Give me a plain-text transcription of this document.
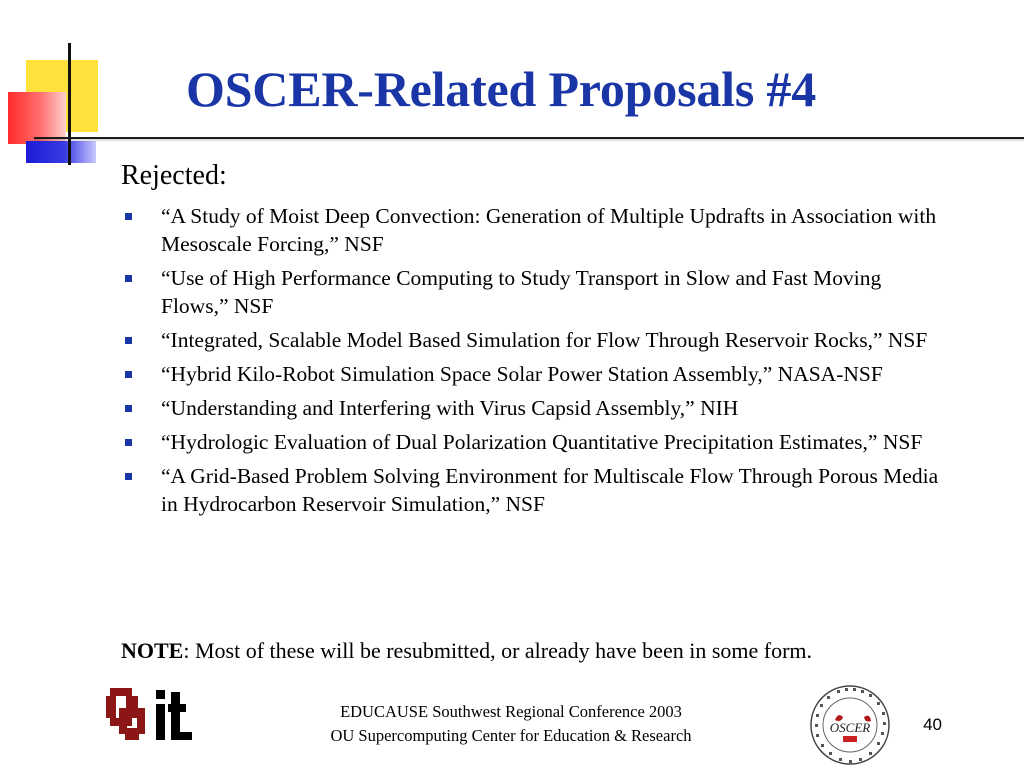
OSCER-Related Proposals #4
Rejected:
“A Study of Moist Deep Convection: Generation of Multiple Updrafts in Association with Mesoscale Forcing,” NSF
“Use of High Performance Computing to Study Transport in Slow and Fast Moving Flows,” NSF
“Integrated, Scalable Model Based Simulation for Flow Through Reservoir Rocks,” NSF
“Hybrid Kilo-Robot Simulation Space Solar Power Station Assembly,” NASA-NSF
“Understanding and Interfering with Virus Capsid Assembly,” NIH
“Hydrologic Evaluation of Dual Polarization Quantitative Precipitation Estimates,” NSF
“A Grid-Based Problem Solving Environment for Multiscale Flow Through Porous Media in Hydrocarbon Reservoir Simulation,” NSF
NOTE: Most of these will be resubmitted, or already have been in some form.
EDUCAUSE Southwest Regional Conference 2003
OU Supercomputing Center for Education & Research	OSCER	40
